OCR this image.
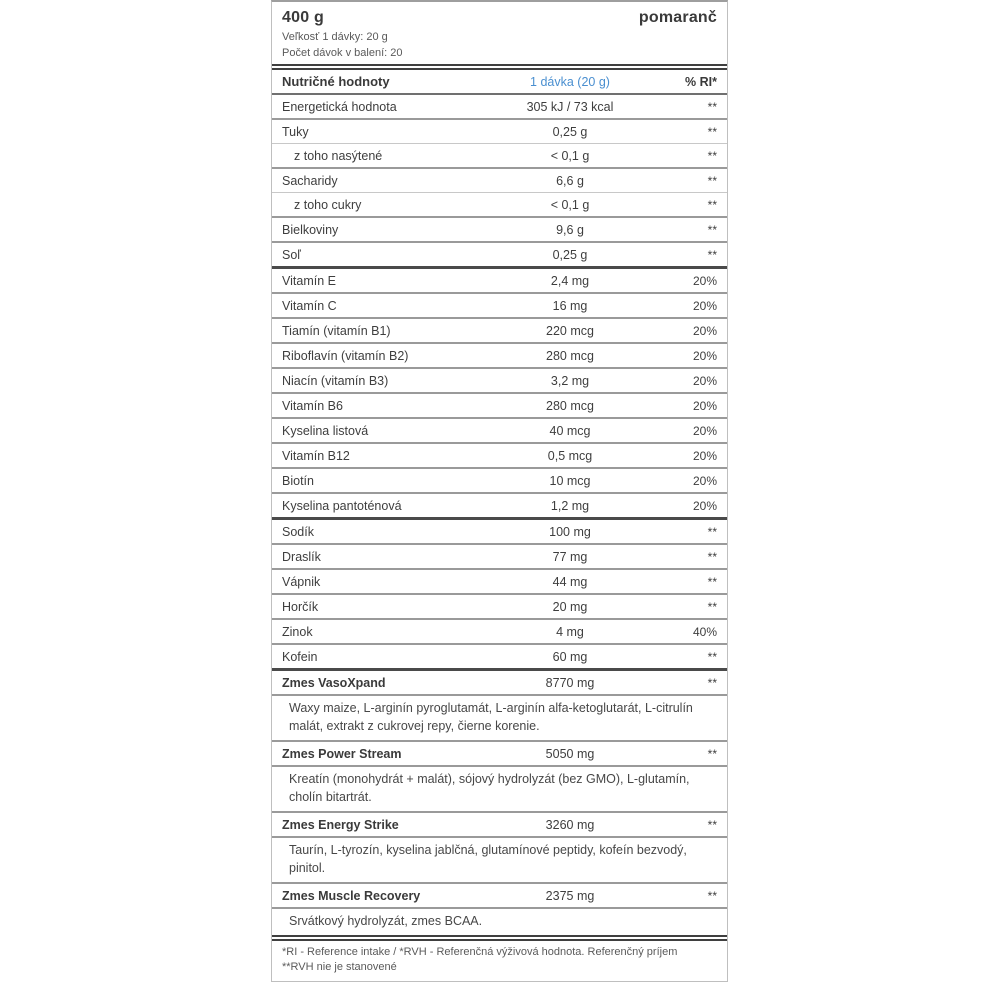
400 g	pomaranč
Veľkosť 1 dávky: 20 g
Počet dávok v balení: 20
Nutričné hodnoty	1 dávka (20 g)	% RI*
Energetická hodnota	305 kJ / 73 kcal	**
Tuky	0,25 g	**
z toho nasýtené	< 0,1 g	**
Sacharidy	6,6 g	**
z toho cukry	< 0,1 g	**
Bielkoviny	9,6 g	**
Soľ	0,25 g	**
Vitamín E	2,4 mg	20%
Vitamín C	16 mg	20%
Tiamín (vitamín B1)	220 mcg	20%
Riboflavín (vitamín B2)	280 mcg	20%
Niacín (vitamín B3)	3,2 mg	20%
Vitamín B6	280 mcg	20%
Kyselina listová	40 mcg	20%
Vitamín B12	0,5 mcg	20%
Biotín	10 mcg	20%
Kyselina pantoténová	1,2 mg	20%
Sodík	100 mg	**
Draslík	77 mg	**
Vápnik	44 mg	**
Horčík	20 mg	**
Zinok	4 mg	40%
Kofein	60 mg	**
Zmes VasoXpand	8770 mg	**
Waxy maize, L-arginín pyroglutamát, L-arginín alfa-ketoglutarát, L-citrulín malát, extrakt z cukrovej repy, čierne korenie.
Zmes Power Stream	5050 mg	**
Kreatín (monohydrát + malát), sójový hydrolyzát (bez GMO), L-glutamín, cholín bitartrát.
Zmes Energy Strike	3260 mg	**
Taurín, L-tyrozín, kyselina jablčná, glutamínové peptidy, kofeín bezvodý, pinitol.
Zmes Muscle Recovery	2375 mg	**
Srvátkový hydrolyzát, zmes BCAA.
*RI - Reference intake / *RVH - Referenčná výživová hodnota. Referenčný príjem
**RVH nie je stanovené
